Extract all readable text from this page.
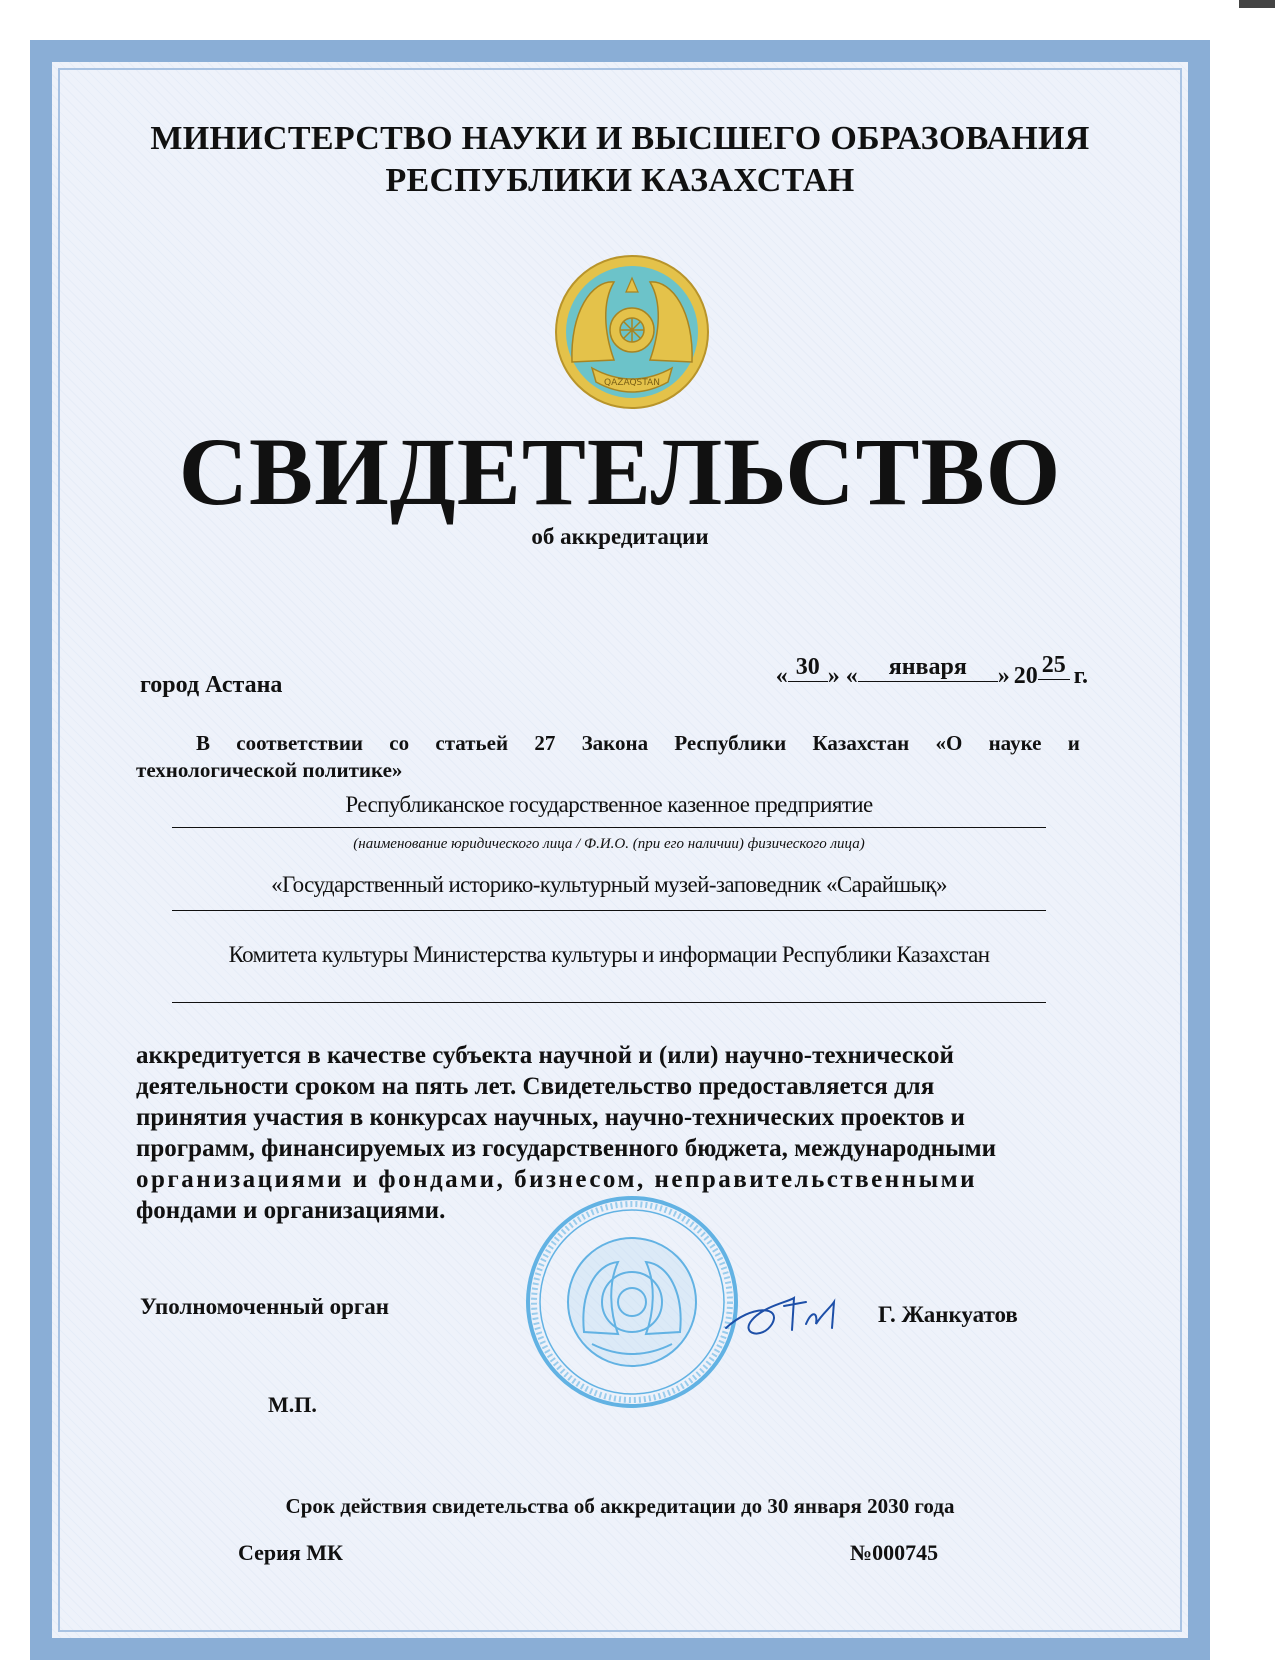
МИНИСТЕРСТВО НАУКИ И ВЫСШЕГО ОБРАЗОВАНИЯ
РЕСПУБЛИКИ КАЗАХСТАН
QAZAQSTAN
СВИДЕТЕЛЬСТВО
об аккредитации
город Астана	« 30 » «	января	» 20 25 г.
В соответствии со статьей 27 Закона Республики Казахстан «О науке и
технологической политике»
Республиканское государственное казенное предприятие
(наименование юридического лица / Ф.И.О. (при его наличии) физического лица)
«Государственный историко-культурный музей-заповедник «Сарайшық»
Комитета культуры Министерства культуры и информации Республики Казахстан
аккредитуется в качестве субъекта научной и (или) научно-технической
деятельности сроком на пять лет. Свидетельство предоставляется для
принятия участия в конкурсах научных, научно-технических проектов и
программ, финансируемых из государственного бюджета, международными
организациями и фондами, бизнесом, неправительственными
фондами и организациями.
Уполномоченный орган
М.П.
Г. Жанкуатов
Срок действия свидетельства об аккредитации до 30 января 2030 года
Серия МК	№000745
